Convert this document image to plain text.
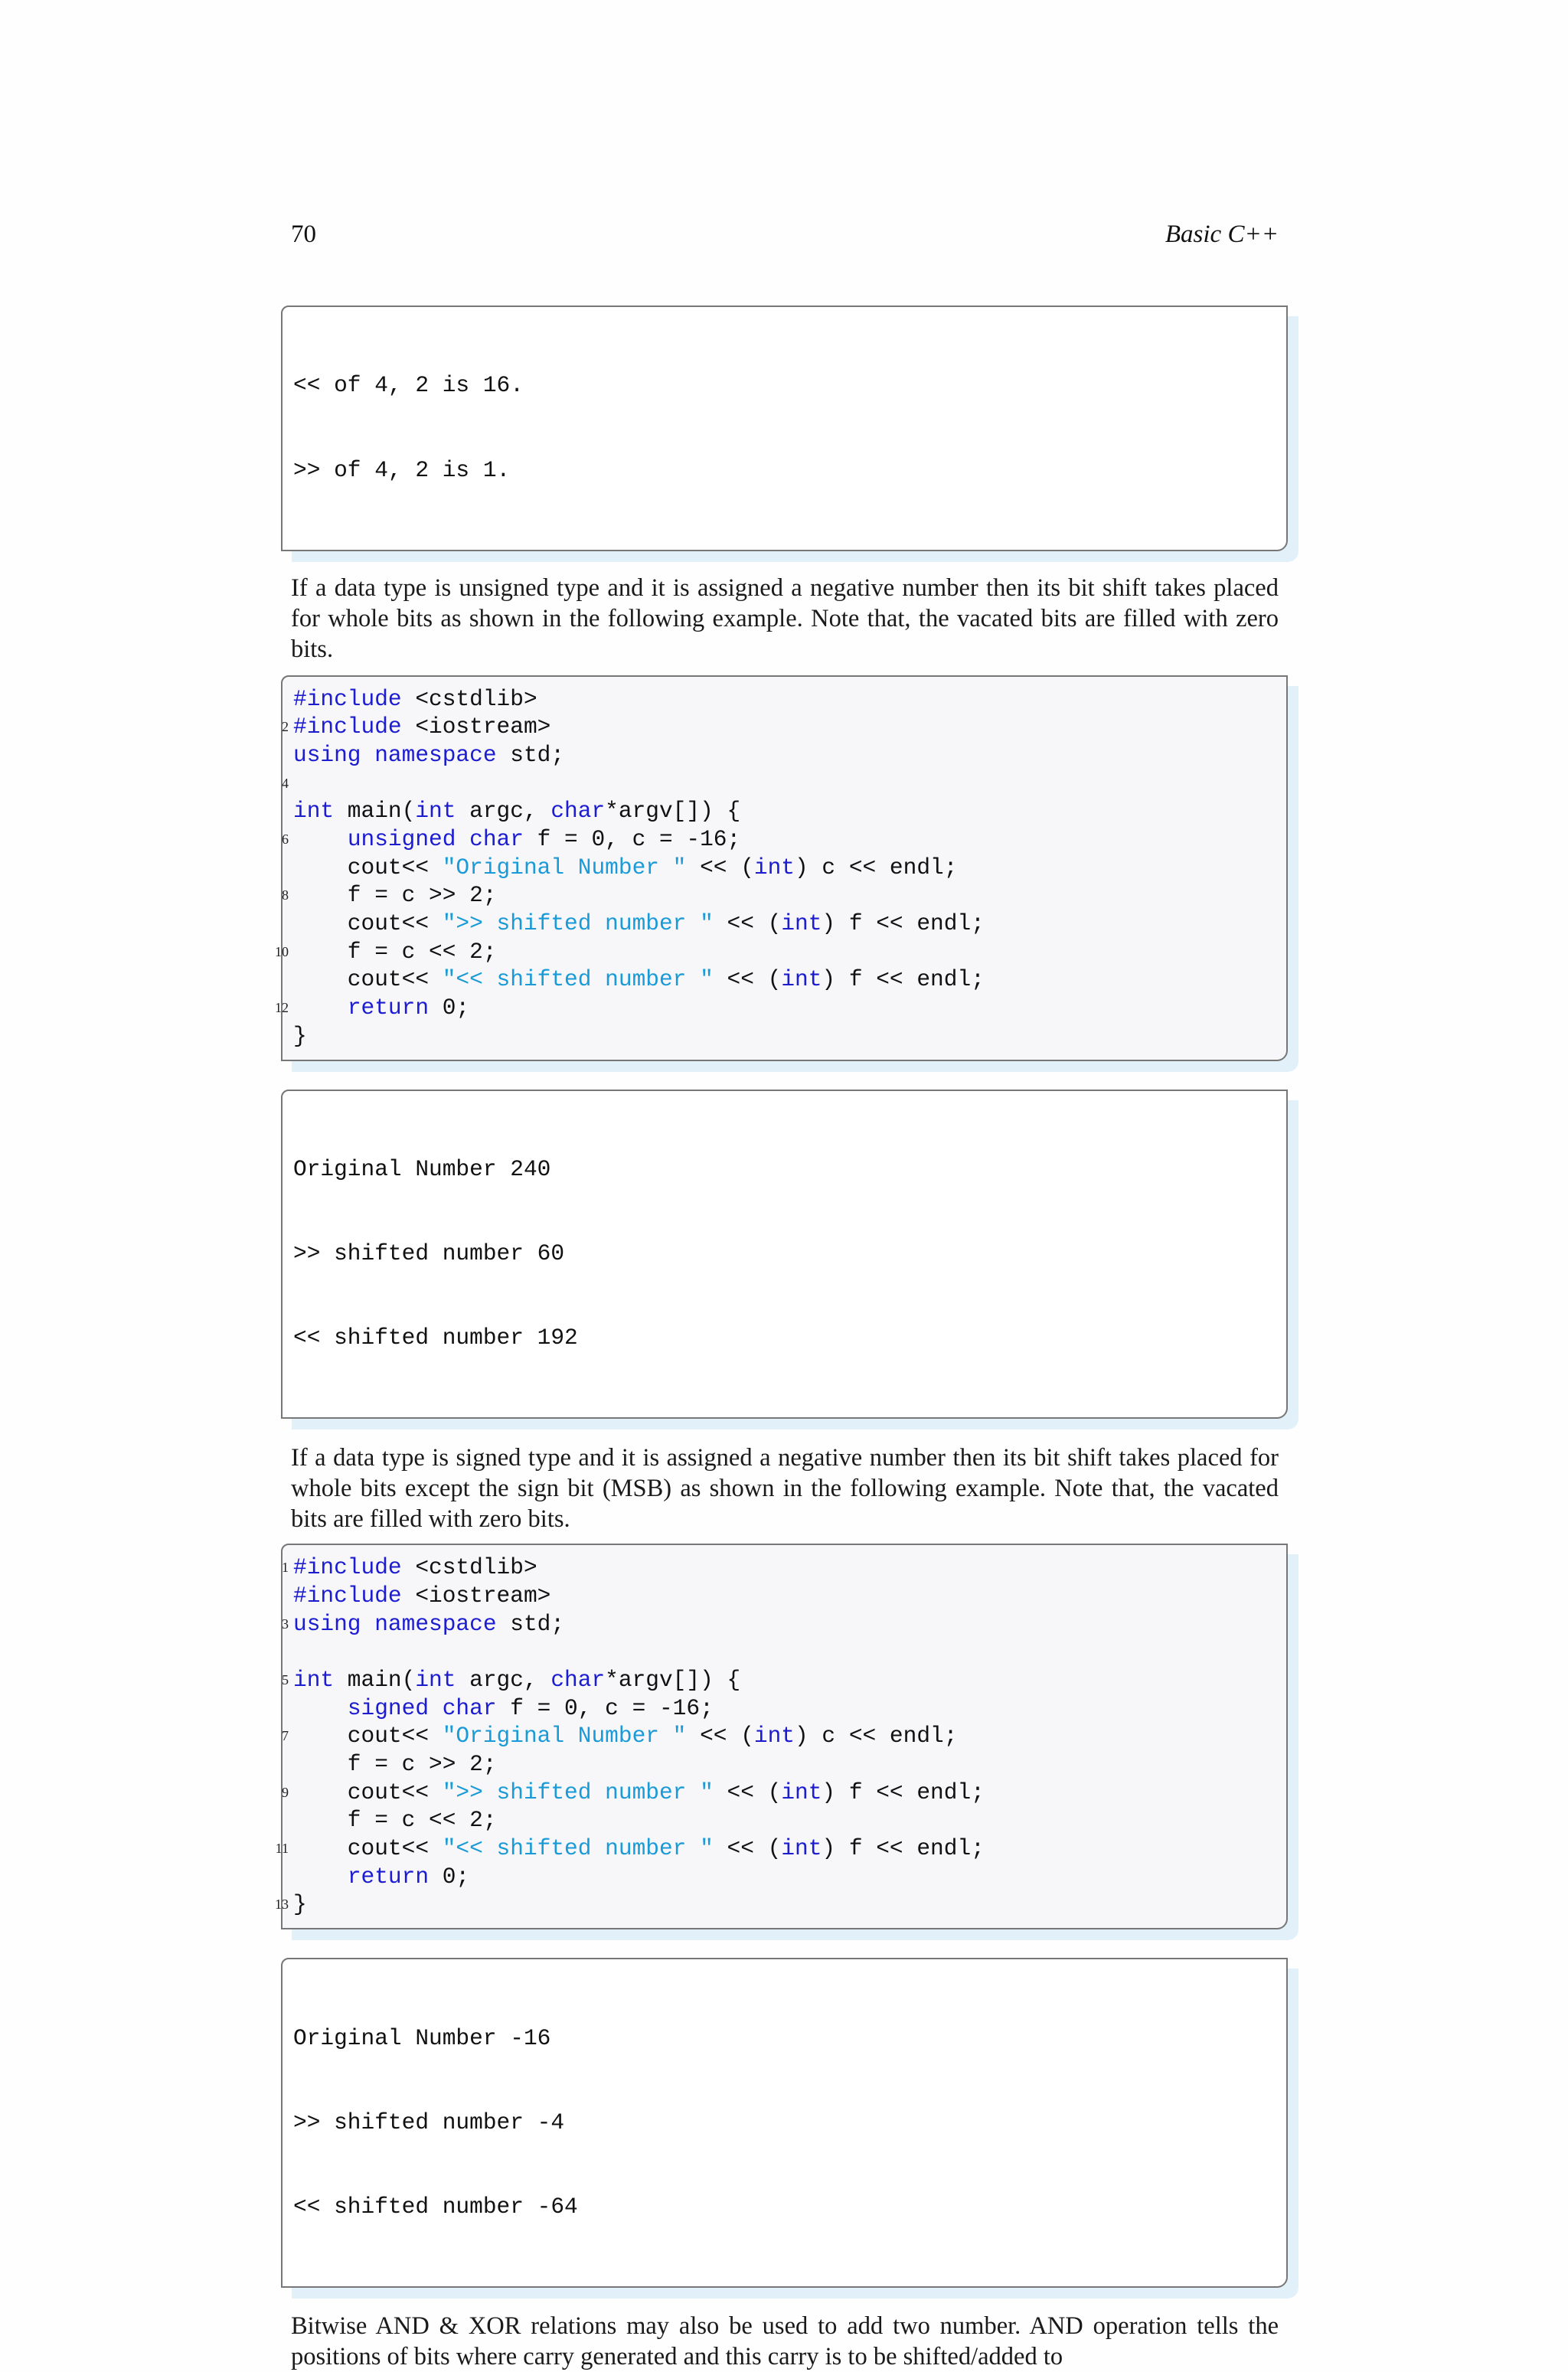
70	Basic C++

<< of 4, 2 is 16.

>> of 4, 2 is 1.

If a data type is unsigned type and it is assigned a negative number then its bit shift takes placed for whole bits as shown in the following example. Note that, the vacated bits are filled with zero bits.
#include <cstdlib>
2 #include <iostream>
using namespace std;
4
int main(int argc, char*argv[]) {
6	unsigned char f = 0, c = -16;
cout<< "Original Number " << (int) c << endl;
8 f = c >> 2;
cout<< ">> shifted number " << (int) f << endl;
10 f = c << 2;
cout<< "<< shifted number " << (int) f << endl;
12	return 0;
}

Original Number 240

>> shifted number 60

<< shifted number 192

If a data type is signed type and it is assigned a negative number then its bit shift takes placed for whole bits except the sign bit (MSB) as shown in the following example. Note that, the vacated bits are filled with zero bits.
1 #include <cstdlib>
#include <iostream>
3 using namespace std;
5 int main(int argc, char*argv[]) {
signed char f = 0, c = -16;
7 cout<< "Original Number " << (int) c << endl;
f = c >> 2;
9 cout<< ">> shifted number " << (int) f << endl;
f = c << 2;
11 cout<< "<< shifted number " << (int) f << endl;
return 0;
13 }

Original Number -16

>> shifted number -4

<< shifted number -64

Bitwise AND & XOR relations may also be used to add two number. AND operation tells the positions of bits where carry generated and this carry is to be shifted/added to
